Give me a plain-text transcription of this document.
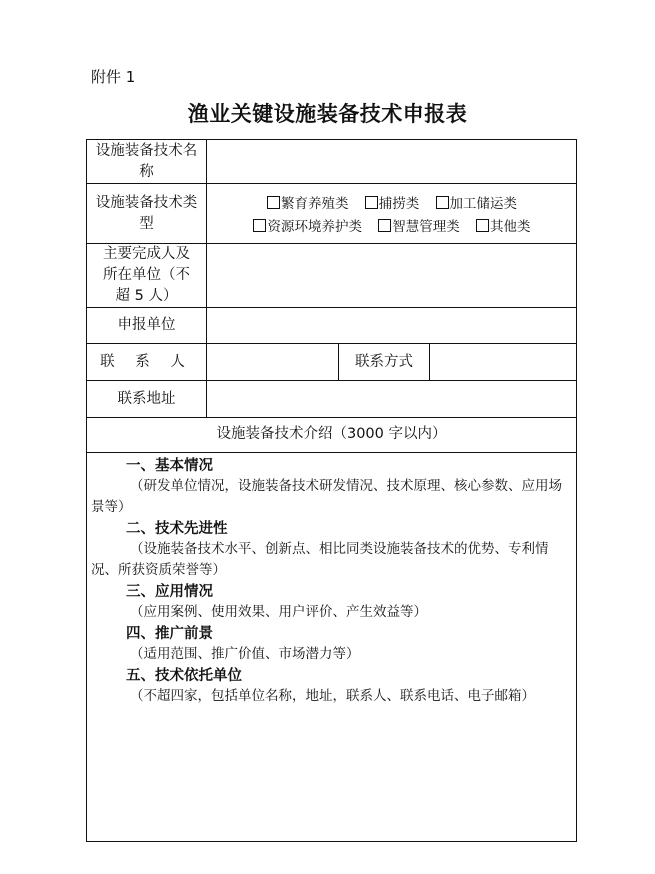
附件 1
渔业关键设施装备技术申报表
设施装备技术名称
设施装备技术类型
繁育养殖类 捕捞类 加工储运类
资源环境养护类 智慧管理类 其他类
主要完成人及所在单位（不超 5 人）
申报单位
联 系 人	联系方式
联系地址
设施装备技术介绍（3000 字以内）
一、基本情况
（研发单位情况，设施装备技术研发情况、技术原理、核心参数、应用场景等）
二、技术先进性
（设施装备技术水平、创新点、相比同类设施装备技术的优势、专利情况、所获资质荣誉等）
三、应用情况
（应用案例、使用效果、用户评价、产生效益等）
四、推广前景
（适用范围、推广价值、市场潜力等）
五、技术依托单位
（不超四家，包括单位名称，地址，联系人、联系电话、电子邮箱）
